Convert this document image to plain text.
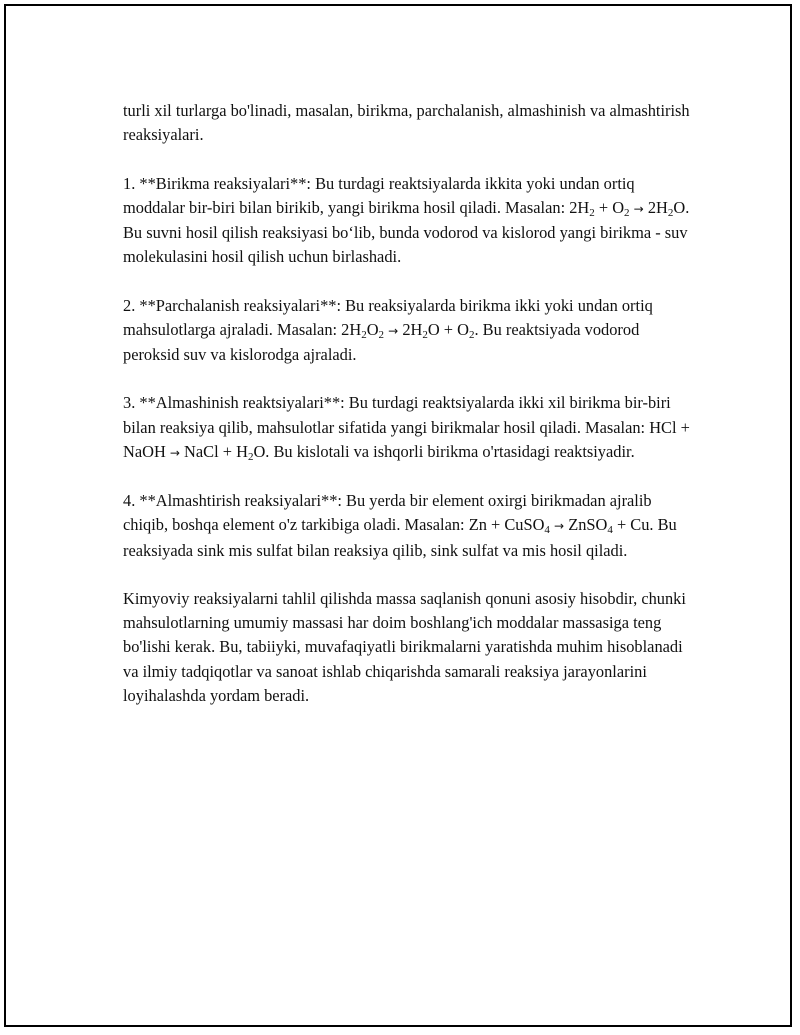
turli xil turlarga bo'linadi, masalan, birikma, parchalanish, almashinish va almashtirish reaksiyalari.

1. **Birikma reaksiyalari**: Bu turdagi reaktsiyalarda ikkita yoki undan ortiq moddalar bir-biri bilan birikib, yangi birikma hosil qiladi. Masalan: $2H_2 + O_2 \to 2H_2O$. Bu suvni hosil qilish reaksiyasi bo‘lib, bunda vodorod va kislorod yangi birikma - suv molekulasini hosil qilish uchun birlashadi.

2. **Parchalanish reaksiyalari**: Bu reaksiyalarda birikma ikki yoki undan ortiq mahsulotlarga ajraladi. Masalan: $2H_2O_2 \to 2H_2O + O_2$. Bu reaktsiyada vodorod peroksid suv va kislorodga ajraladi.

3. **Almashinish reaktsiyalari**: Bu turdagi reaktsiyalarda ikki xil birikma bir-biri bilan reaksiya qilib, mahsulotlar sifatida yangi birikmalar hosil qiladi. Masalan: HCl + NaOH → NaCl + $H_2O$. Bu kislotali va ishqorli birikma o'rtasidagi reaktsiyadir.

4. **Almashtirish reaksiyalari**: Bu yerda bir element oxirgi birikmadan ajralib chiqib, boshqa element o'z tarkibiga oladi. Masalan: Zn + CuSO$_4$ → ZnSO$_4$ + Cu. Bu reaksiyada sink mis sulfat bilan reaksiya qilib, sink sulfat va mis hosil qiladi.

Kimyoviy reaksiyalarni tahlil qilishda massa saqlanish qonuni asosiy hisobdir, chunki mahsulotlarning umumiy massasi har doim boshlang'ich moddalar massasiga teng bo'lishi kerak. Bu, tabiiyki, muvafaqiyatli birikmalarni yaratishda muhim hisoblanadi va ilmiy tadqiqotlar va sanoat ishlab chiqarishda samarali reaksiya jarayonlarini loyihalashda yordam beradi.
